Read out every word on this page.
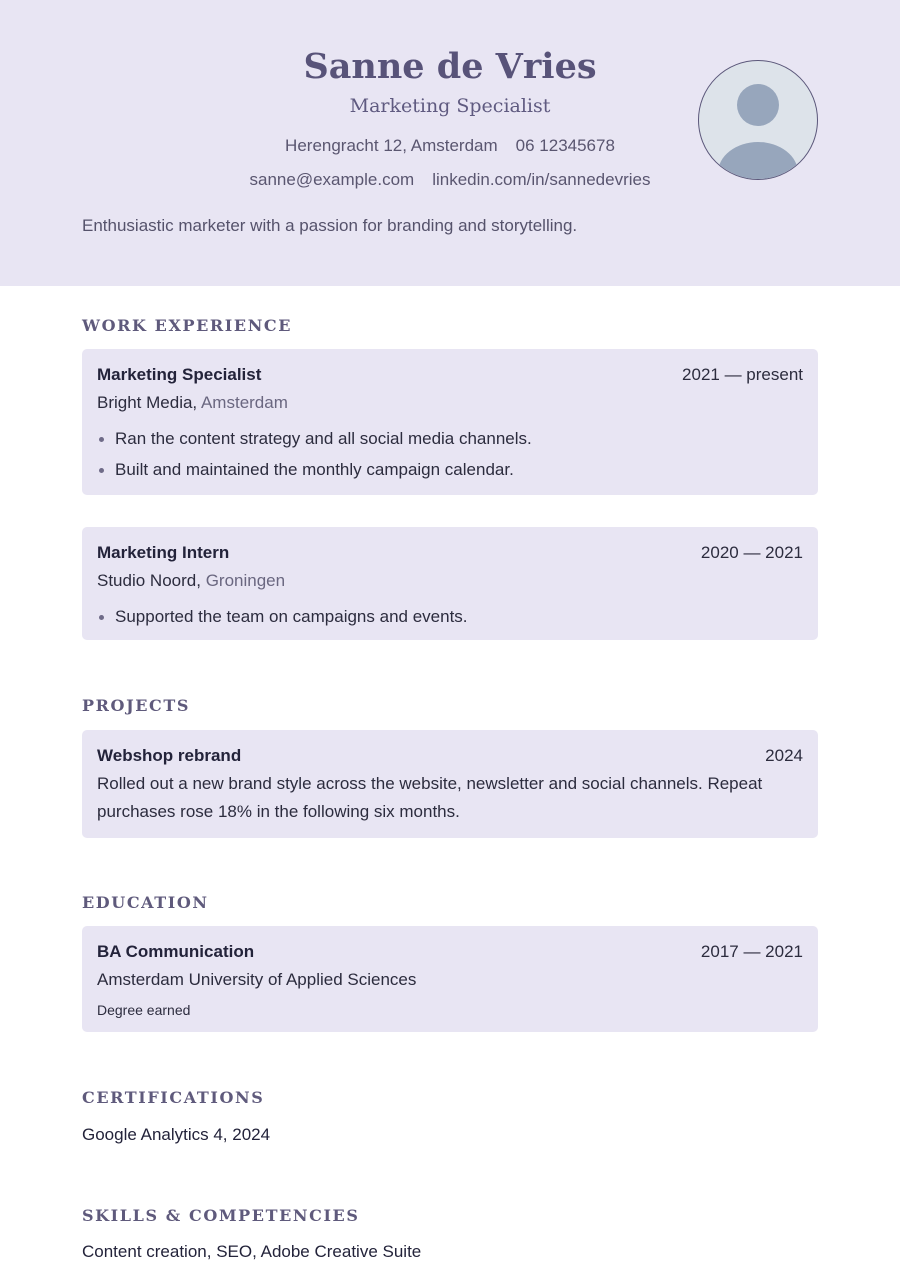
Sanne de Vries
Marketing Specialist
Herengracht 12, Amsterdam 06 12345678
sanne@example.com linkedin.com/in/sannedevries
Enthusiastic marketer with a passion for branding and storytelling.
WORK EXPERIENCE
Marketing Specialist	2021 — present
Bright Media, Amsterdam
Ran the content strategy and all social media channels.
Built and maintained the monthly campaign calendar.
Marketing Intern	2020 — 2021
Studio Noord, Groningen
Supported the team on campaigns and events.
PROJECTS
Webshop rebrand	2024
Rolled out a new brand style across the website, newsletter and social channels. Repeat purchases rose 18% in the following six months.
EDUCATION
BA Communication	2017 — 2021
Amsterdam University of Applied Sciences
Degree earned
CERTIFICATIONS
Google Analytics 4, 2024
SKILLS & COMPETENCIES
Content creation, SEO, Adobe Creative Suite
